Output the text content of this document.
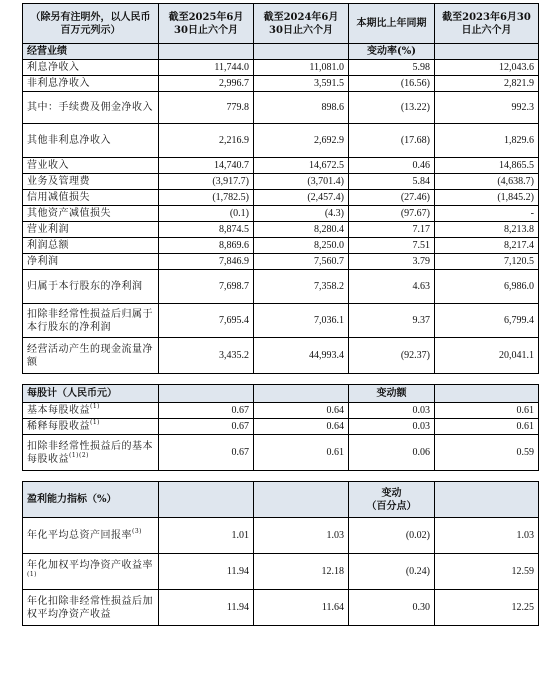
（除另有注明外，以人民币百万元列示）	截至2025年6月30日止六个月	截至2024年6月30日止六个月	本期比上年同期	截至2023年6月30日止六个月
经营业绩			变动率(%)	
利息净收入	11,744.0	11,081.0	5.98	12,043.6
非利息净收入	2,996.7	3,591.5	(16.56)	2,821.9
其中：手续费及佣金净收入	779.8	898.6	(13.22)	992.3
其他非利息净收入	2,216.9	2,692.9	(17.68)	1,829.6
营业收入	14,740.7	14,672.5	0.46	14,865.5
业务及管理费	(3,917.7)	(3,701.4)	5.84	(4,638.7)
信用减值损失	(1,782.5)	(2,457.4)	(27.46)	(1,845.2)
其他资产减值损失	(0.1)	(4.3)	(97.67)	-
营业利润	8,874.5	8,280.4	7.17	8,213.8
利润总额	8,869.6	8,250.0	7.51	8,217.4
净利润	7,846.9	7,560.7	3.79	7,120.5
归属于本行股东的净利润	7,698.7	7,358.2	4.63	6,986.0
扣除非经常性损益后归属于本行股东的净利润	7,695.4	7,036.1	9.37	6,799.4
经营活动产生的现金流量净额	3,435.2	44,993.4	(92.37)	20,041.1

每股计（人民币元）			变动额	
基本每股收益$^{(1)}$	0.67	0.64	0.03	0.61
稀释每股收益$^{(1)}$	0.67	0.64	0.03	0.61
扣除非经常性损益后的基本每股收益$^{(1)(2)}$	0.67	0.61	0.06	0.59

盈利能力指标（%）			变动
（百分点）	

年化平均总资产回报率$^{(3)}$	1.01	1.03	(0.02)	1.03
年化加权平均净资产收益率$^{(1)}$	11.94	12.18	(0.24)	12.59
年化扣除非经常性损益后加权平均净资产收益	11.94	11.64	0.30	12.25
